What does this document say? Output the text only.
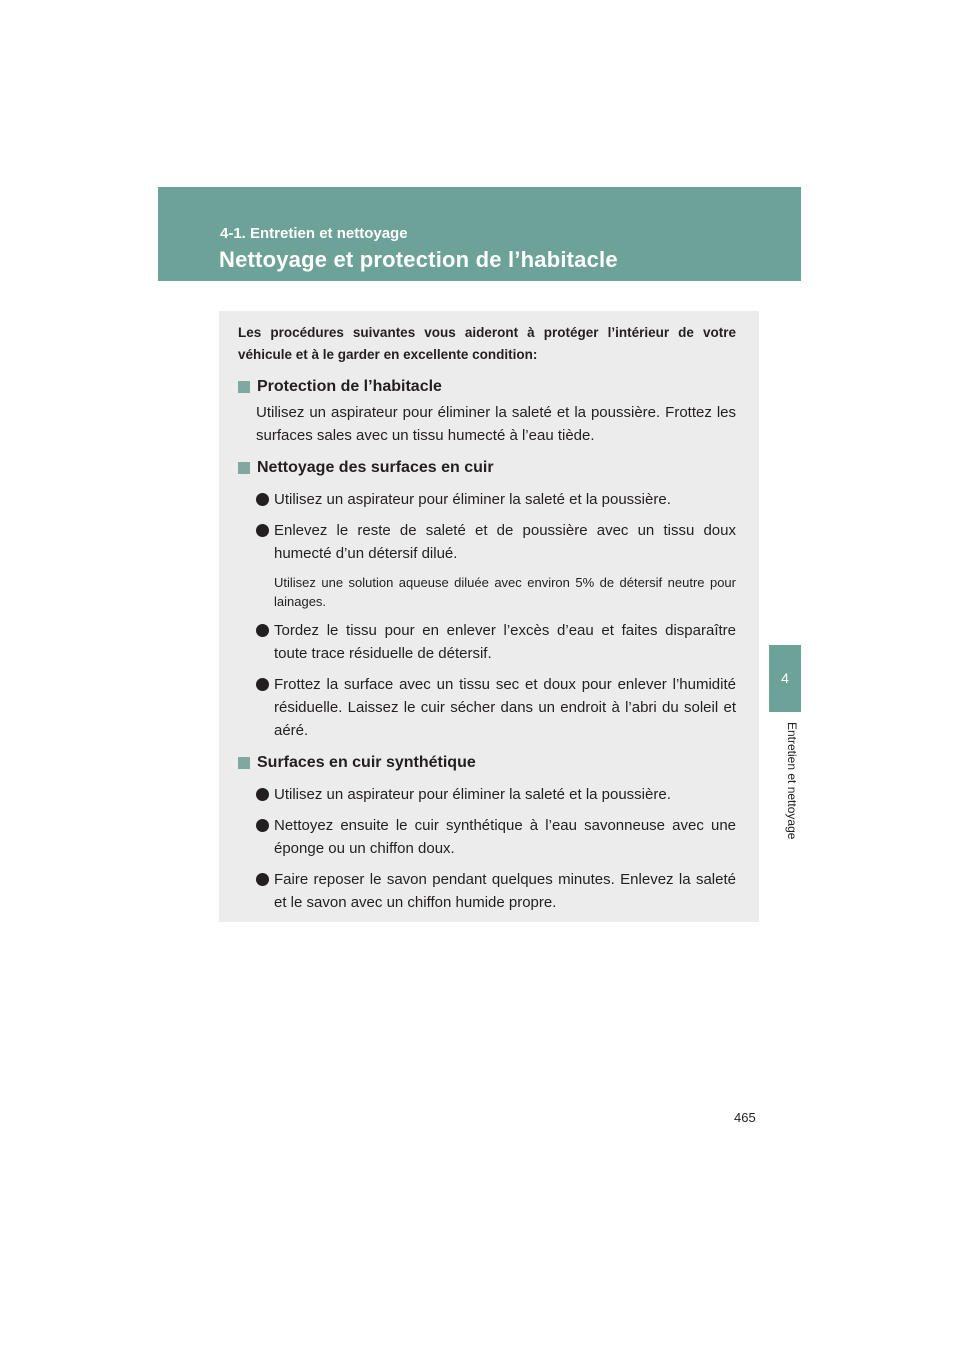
4-1. Entretien et nettoyage
Nettoyage et protection de l’habitacle
4
Entretien et nettoyage

Les procédures suivantes vous aideront à protéger l’intérieur de votre véhicule et à le garder en excellente condition:

Protection de l’habitacle
Utilisez un aspirateur pour éliminer la saleté et la poussière. Frottez les surfaces sales avec un tissu humecté à l’eau tiède.
Nettoyage des surfaces en cuir
Utilisez un aspirateur pour éliminer la saleté et la poussière.
Enlevez le reste de saleté et de poussière avec un tissu doux humecté d’un détersif dilué.
Utilisez une solution aqueuse diluée avec environ 5% de détersif neutre pour lainages.
Tordez le tissu pour en enlever l’excès d’eau et faites disparaître toute trace résiduelle de détersif.
Frottez la surface avec un tissu sec et doux pour enlever l’humidité résiduelle. Laissez le cuir sécher dans un endroit à l’abri du soleil et aéré.
Surfaces en cuir synthétique
Utilisez un aspirateur pour éliminer la saleté et la poussière.
Nettoyez ensuite le cuir synthétique à l’eau savonneuse avec une éponge ou un chiffon doux.
Faire reposer le savon pendant quelques minutes. Enlevez la saleté et le savon avec un chiffon humide propre.
465
